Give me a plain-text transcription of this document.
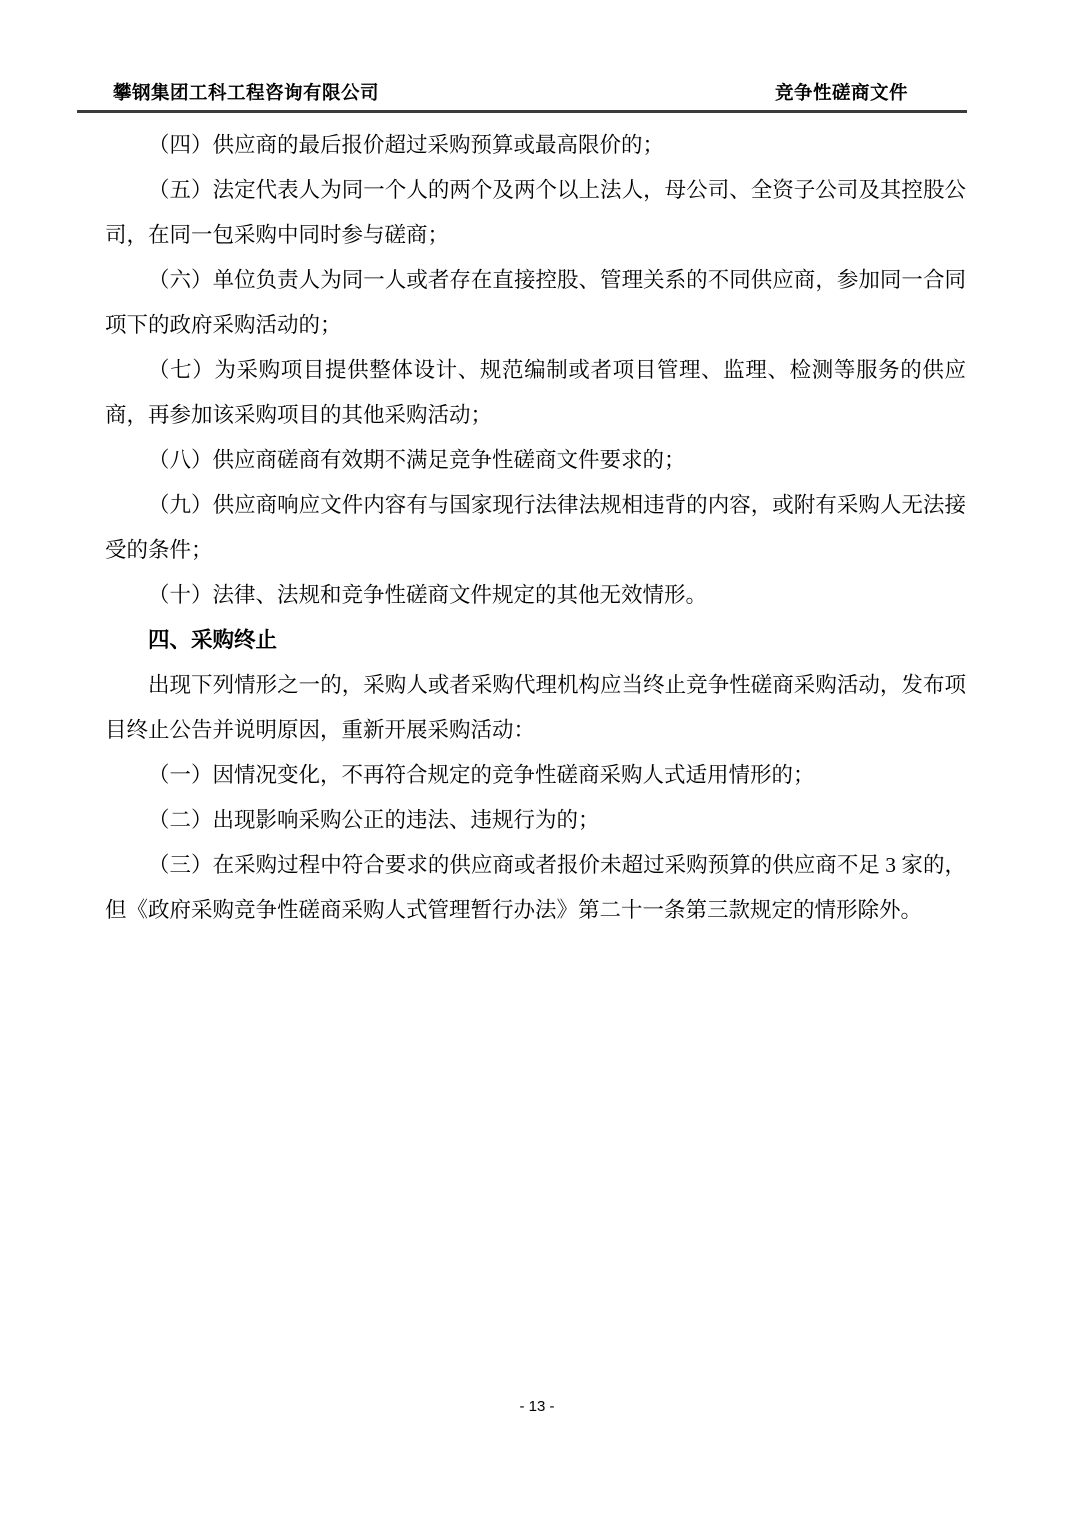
攀钢集团工科工程咨询有限公司	竞争性磋商文件

（四）供应商的最后报价超过采购预算或最高限价的；

（五）法定代表人为同一个人的两个及两个以上法人，母公司、全资子公司及其控股公司，在同一包采购中同时参与磋商；

（六）单位负责人为同一人或者存在直接控股、管理关系的不同供应商，参加同一合同项下的政府采购活动的；

（七）为采购项目提供整体设计、规范编制或者项目管理、监理、检测等服务的供应商，再参加该采购项目的其他采购活动；

（八）供应商磋商有效期不满足竞争性磋商文件要求的；

（九）供应商响应文件内容有与国家现行法律法规相违背的内容，或附有采购人无法接受的条件；

（十）法律、法规和竞争性磋商文件规定的其他无效情形。

四、采购终止

出现下列情形之一的，采购人或者采购代理机构应当终止竞争性磋商采购活动，发布项目终止公告并说明原因，重新开展采购活动：

（一）因情况变化，不再符合规定的竞争性磋商采购人式适用情形的；

（二）出现影响采购公正的违法、违规行为的；

（三）在采购过程中符合要求的供应商或者报价未超过采购预算的供应商不足 3 家的，但《政府采购竞争性磋商采购人式管理暂行办法》第二十一条第三款规定的情形除外。

- 13 -
